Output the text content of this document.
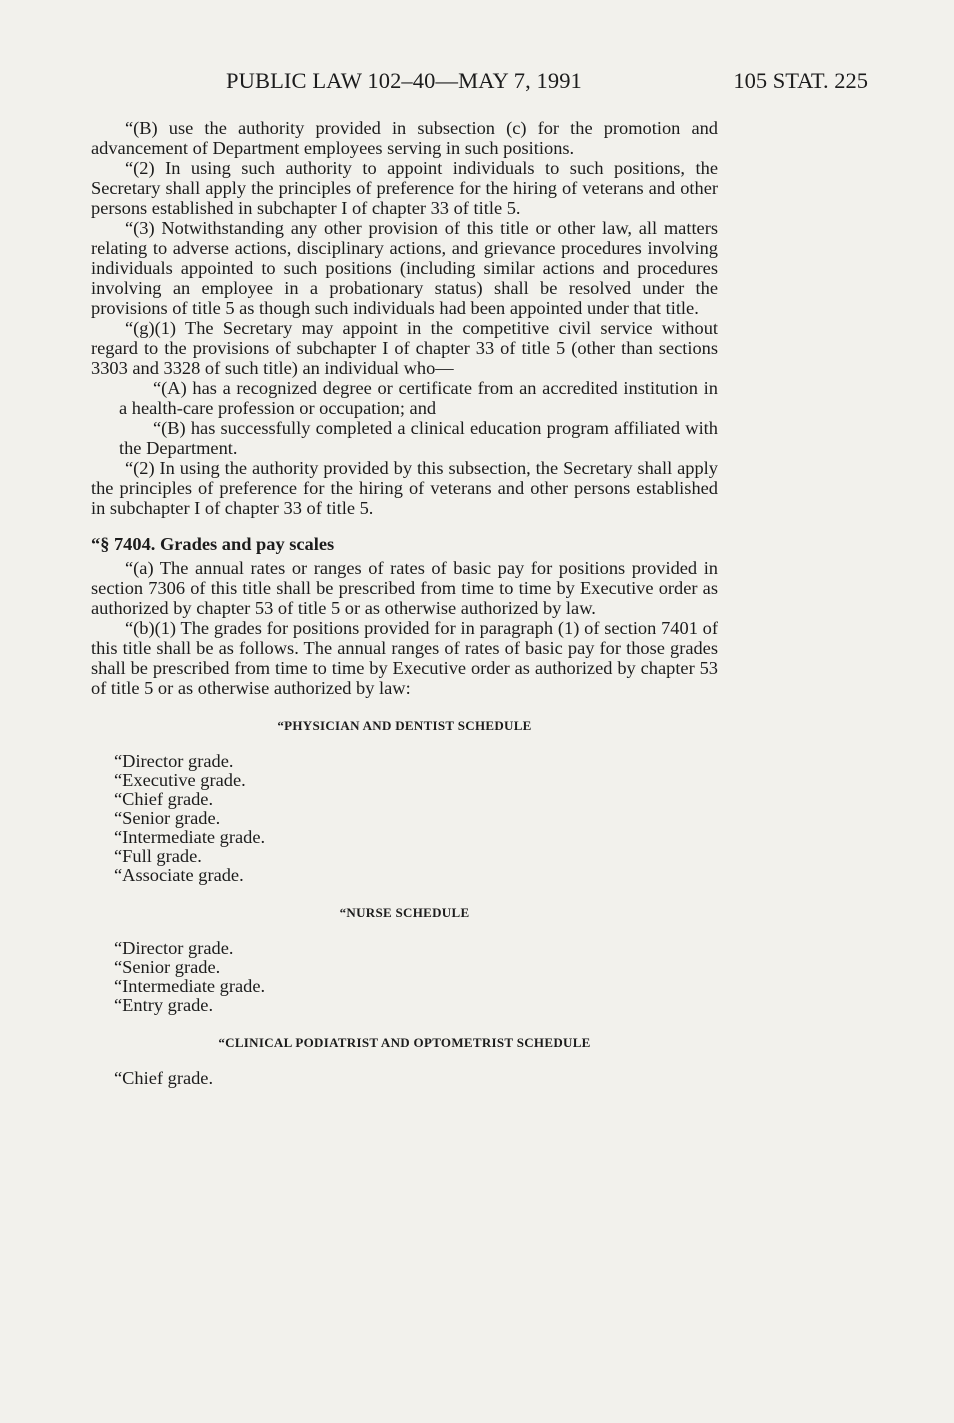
PUBLIC LAW 102–40—MAY 7, 1991	105 STAT. 225

“(B) use the authority provided in subsection (c) for the promotion and advancement of Department employees serving in such positions.

“(2) In using such authority to appoint individuals to such positions, the Secretary shall apply the principles of preference for the hiring of veterans and other persons established in subchapter I of chapter 33 of title 5.

“(3) Notwithstanding any other provision of this title or other law, all matters relating to adverse actions, disciplinary actions, and grievance procedures involving individuals appointed to such positions (including similar actions and procedures involving an employee in a probationary status) shall be resolved under the provisions of title 5 as though such individuals had been appointed under that title.

“(g)(1) The Secretary may appoint in the competitive civil service without regard to the provisions of subchapter I of chapter 33 of title 5 (other than sections 3303 and 3328 of such title) an individual who—

“(A) has a recognized degree or certificate from an accredited institution in a health-care profession or occupation; and

“(B) has successfully completed a clinical education program affiliated with the Department.

“(2) In using the authority provided by this subsection, the Secretary shall apply the principles of preference for the hiring of veterans and other persons established in subchapter I of chapter 33 of title 5.

“§ 7404. Grades and pay scales

“(a) The annual rates or ranges of rates of basic pay for positions provided in section 7306 of this title shall be prescribed from time to time by Executive order as authorized by chapter 53 of title 5 or as otherwise authorized by law.

“(b)(1) The grades for positions provided for in paragraph (1) of section 7401 of this title shall be as follows. The annual ranges of rates of basic pay for those grades shall be prescribed from time to time by Executive order as authorized by chapter 53 of title 5 or as otherwise authorized by law:

“PHYSICIAN AND DENTIST SCHEDULE
“Director grade.
“Executive grade.
“Chief grade.
“Senior grade.
“Intermediate grade.
“Full grade.
“Associate grade.
“NURSE SCHEDULE
“Director grade.
“Senior grade.
“Intermediate grade.
“Entry grade.
“CLINICAL PODIATRIST AND OPTOMETRIST SCHEDULE
“Chief grade.
